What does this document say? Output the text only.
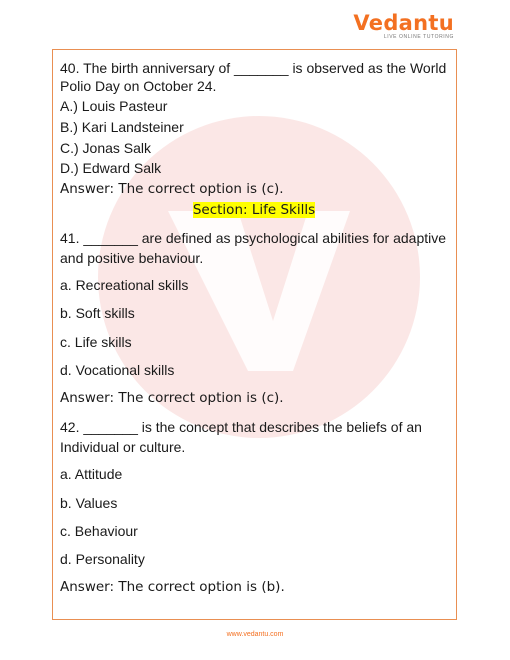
Vedantu
LIVE ONLINE TUTORING
40. The birth anniversary of _______ is observed as the World
Polio Day on October 24.
A.) Louis Pasteur
B.) Kari Landsteiner
C.) Jonas Salk
D.) Edward Salk
Answer: The correct option is (c).
Section: Life Skills
41. _______ are defined as psychological abilities for adaptive
and positive behaviour.
a. Recreational skills
b. Soft skills
c. Life skills
d. Vocational skills
Answer: The correct option is (c).
42. _______ is the concept that describes the beliefs of an
Individual or culture.
a. Attitude
b. Values
c. Behaviour
d. Personality
Answer: The correct option is (b).
www.vedantu.com
